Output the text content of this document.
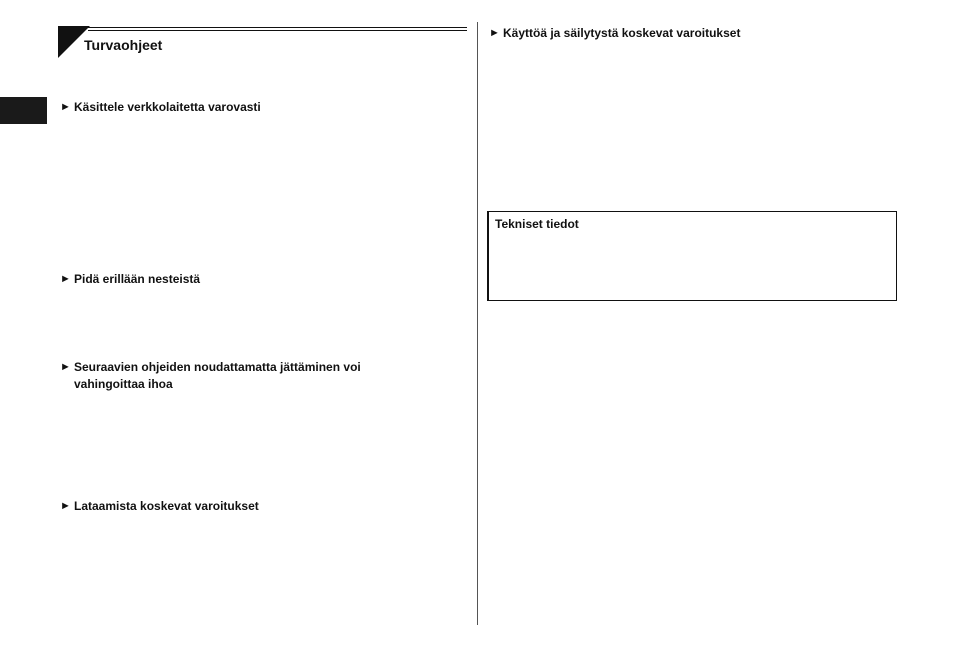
Turvaohjeet
► Käsittele verkkolaitetta varovasti
► Pidä erillään nesteistä
► Seuraavien ohjeiden noudattamatta jättäminen voi vahingoittaa ihoa
► Lataamista koskevat varoitukset
► Käyttöä ja säilytystä koskevat varoitukset
Tekniset tiedot
